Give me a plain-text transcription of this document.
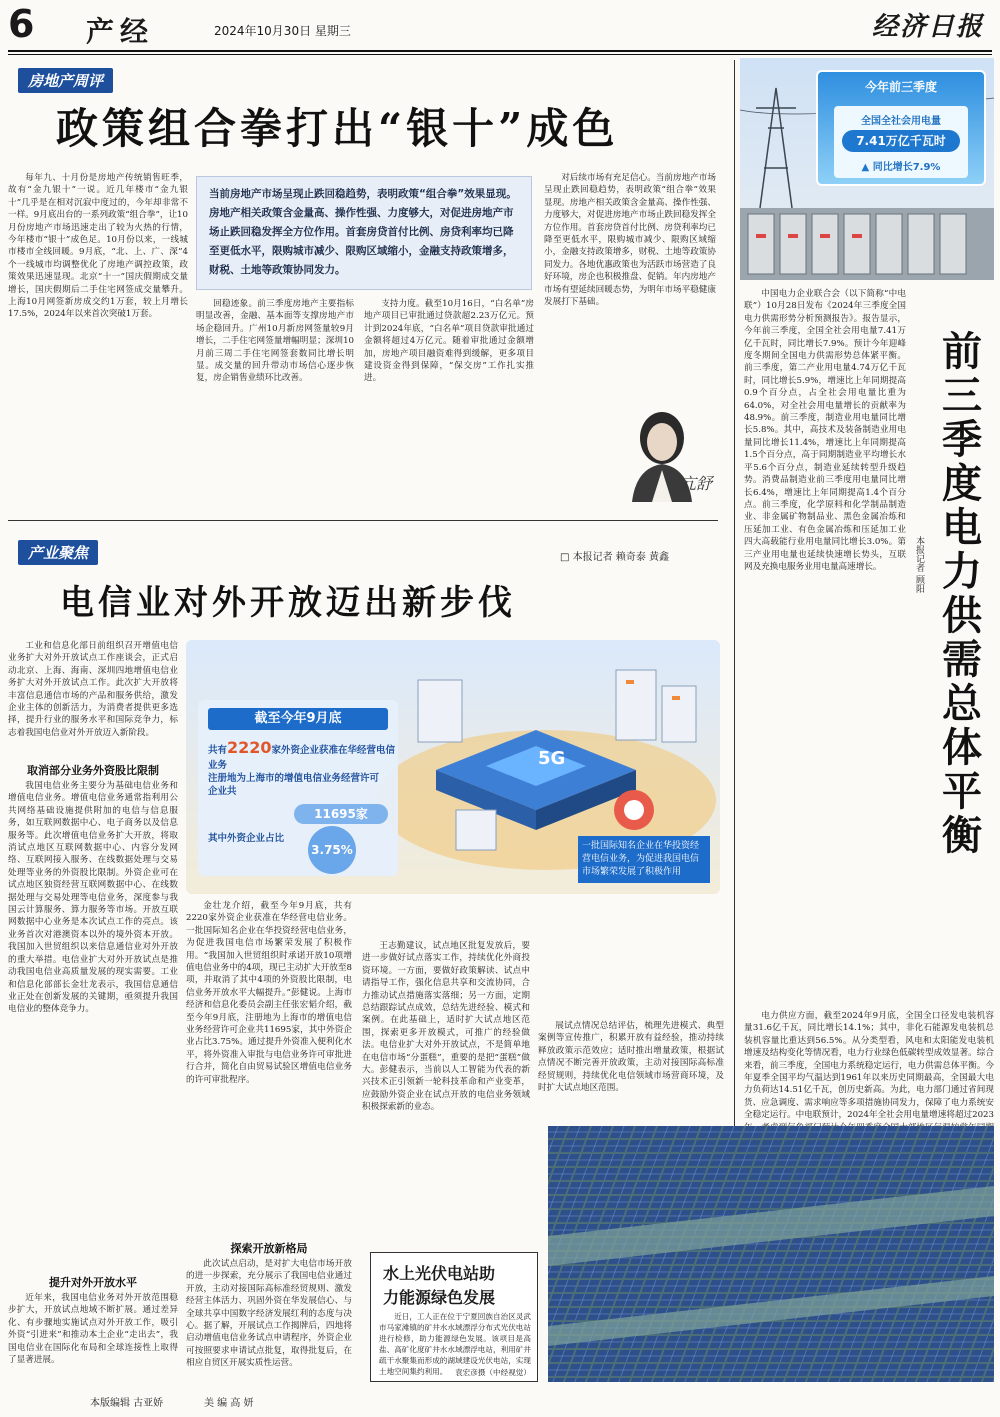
6 产经	2024年10月30日 星期三	经济日报
房地产周评
政策组合拳打出“银十”成色
当前房地产市场呈现止跌回稳趋势，表明政策“组合拳”效果显现。房地产相关政策含金量高、操作性强、力度够大，对促进房地产市场止跌回稳发挥全方位作用。首套房贷首付比例、房贷利率均已降至更低水平，限购城市减少、限购区域缩小，金融支持政策增多，财税、土地等政策协同发力。

每年九、十月份是房地产传统销售旺季，故有“金九银十”一说。近几年楼市“金九银十”几乎是在相对沉寂中度过的，今年却非常不一样。9月底出台的一系列政策“组合拳”，让10月份房地产市场迅速走出了较为火热的行情，今年楼市“银十”成色足。10月份以来，一线城市楼市全线回暖。9月底，“北、上、广、深”4个一线城市均调整优化了房地产调控政策，政策效果迅速显现。北京“十一”国庆假期成交量增长，国庆假期后二手住宅网签成交量攀升。上海10月网签新房成交约1万套，较上月增长17.5%，2024年以来首次突破1万套。

回稳迹象。前三季度房地产主要指标明显改善，金融、基本面等支撑房地产市场企稳回升。广州10月新房网签量较9月增长，二手住宅网签量增幅明显；深圳10月前三周二手住宅网签套数同比增长明显。成交量的回升带动市场信心逐步恢复，房企销售业绩环比改善。

支持力度。截至10月16日，“白名单”房地产项目已审批通过贷款超2.23万亿元。预计到2024年底，“白名单”项目贷款审批通过金额将超过4万亿元。随着审批通过金额增加，房地产项目融资难得到缓解，更多项目建设资金得到保障，“保交房”工作扎实推进。

对后续市场有充足信心。当前房地产市场呈现止跌回稳趋势，表明政策“组合拳”效果显现。房地产相关政策含金量高、操作性强、力度够大，对促进房地产市场止跌回稳发挥全方位作用。首套房贷首付比例、房贷利率均已降至更低水平，限购城市减少、限购区域缩小，金融支持政策增多，财税、土地等政策协同发力。各地优惠政策也为活跃市场营造了良好环境，房企也积极推盘、促销。年内房地产市场有望延续回暖态势，为明年市场平稳健康发展打下基础。

亢舒
今年前三季度
全国全社会用电量
7.41万亿千瓦时
▲ 同比增长7.9%

中国电力企业联合会（以下简称“中电联”）10月28日发布《2024年三季度全国电力供需形势分析预测报告》。报告显示，今年前三季度，全国全社会用电量7.41万亿千瓦时，同比增长7.9%。预计今年迎峰度冬期间全国电力供需形势总体紧平衡。前三季度，第二产业用电量4.74万亿千瓦时，同比增长5.9%，增速比上年同期提高0.9个百分点，占全社会用电量比重为64.0%，对全社会用电量增长的贡献率为48.9%。前三季度，制造业用电量同比增长5.8%。其中，高技术及装备制造业用电量同比增长11.4%，增速比上年同期提高1.5个百分点，高于同期制造业平均增长水平5.6个百分点，制造业延续转型升级趋势。消费品制造业前三季度用电量同比增长6.4%，增速比上年同期提高1.4个百分点。前三季度，化学原料和化学制品制造业、非金属矿物制品业、黑色金属冶炼和压延加工业、有色金属冶炼和压延加工业四大高载能行业用电量同比增长3.0%。第三产业用电量也延续快速增长势头，互联网及充换电服务业用电量高速增长。

前三季度电力供需总体平衡
本报记者 顾阳

电力供应方面，截至2024年9月底，全国全口径发电装机容量31.6亿千瓦，同比增长14.1%；其中，非化石能源发电装机总装机容量比重达到56.5%。从分类型看，风电和太阳能发电装机增速及结构变化等情况看，电力行业绿色低碳转型成效显著。综合来看，前三季度，全国电力系统稳定运行，电力供需总体平衡。今年夏季全国平均气温达到1961年以来历史同期最高，全国最大电力负荷达14.51亿千瓦，创历史新高。为此，电力部门通过省间现货、应急调度、需求响应等多项措施协同发力，保障了电力系统安全稳定运行。中电联预计，2024年全社会用电量增速将超过2023

产业聚焦	□ 本报记者 赖奇泰 黄鑫
电信业对外开放迈出新步伐
5G
截至今年9月底
共有2220家外资企业获准在华经营电信业务
注册地为上海市的增值电信业务经营许可企业共
11695家
其中外资企业占比
3.75%	一批国际知名企业在华投资经营电信业务，为促进我国电信市场繁荣发展了积极作用

工业和信息化部日前组织召开增值电信业务扩大对外开放试点工作座谈会，正式启动北京、上海、海南、深圳四地增值电信业务扩大对外开放试点工作。此次扩大开放将丰富信息通信市场的产品和服务供给，激发企业主体的创新活力，为消费者提供更多选择，提升行业的服务水平和国际竞争力，标志着我国电信业对外开放迈入新阶段。

取消部分业务外资股比限制

我国电信业务主要分为基础电信业务和增值电信业务。增值电信业务通常指利用公共网络基础设施提供附加的电信与信息服务，如互联网数据中心、电子商务以及信息服务等。此次增值电信业务扩大开放，将取消试点地区互联网数据中心、内容分发网络、互联网接入服务、在线数据处理与交易处理等业务的外资股比限制。外资企业可在试点地区独资经营互联网数据中心、在线数据处理与交易处理等电信业务，深度参与我国云计算服务、算力服务等市场。开放互联网数据中心业务是本次试点工作的亮点。该业务首次对港澳资本以外的境外资本开放。我国加入世贸组织以来信息通信业对外开放的重大举措。电信业扩大对外开放试点是推动我国电信业高质量发展的现实需要。工业和信息化部部长金壮龙表示，我国信息通信业正处在创新发展的关键期，亟须提升我国电信业的整体竞争力。

提升对外开放水平

近年来，我国电信业务对外开放范围稳步扩大，开放试点地域不断扩展。通过差异化、有步骤地实施试点对外开放工作，吸引外资“引进来”和推动本土企业“走出去”，我国电信业在国际化布局和全球连接性上取得了显著进展。

金壮龙介绍，截至今年9月底，共有2220家外资企业获准在华经营电信业务。一批国际知名企业在华投资经营电信业务，为促进我国电信市场繁荣发展了积极作用。“我国加入世贸组织时承诺开放10项增值电信业务中的4项，现已主动扩大开放至8项，并取消了其中4项的外资股比限制，电信业务开放水平大幅提升。”彭健说。上海市经济和信息化委员会副主任张宏韬介绍，截至今年9月底，注册地为上海市的增值电信业务经营许可企业共11695家，其中外资企业占比3.75%。通过提升外资准入便利化水平，将外资准入审批与电信业务许可审批进行合并，简化自由贸易试验区增值电信业务的许可审批程序。

探索开放新格局

此次试点启动，是对扩大电信市场开放的进一步探索，充分展示了我国电信业通过开放，主动对接国际高标准经贸规则、激发经营主体活力、巩固外资在华发展信心、与全球共享中国数字经济发展红利的态度与决心。据了解，开展试点工作揭牌后，四地将启动增值电信业务试点申请程序，外资企业可按照要求申请试点批复，取得批复后，在相应自贸区开展实质性运营。

王志勤建议，试点地区批复发放后，要进一步做好试点落实工作，持续优化外商投资环境。一方面，要做好政策解读、试点申请指导工作，强化信息共享和交流协同，合力推动试点措施落实落细；另一方面，定期总结跟踪试点成效，总结先进经验、模式和案例。在此基础上，适时扩大试点地区范围，探索更多开放模式，可推广的经验做法。电信业扩大对外开放试点，不是简单地在电信市场“分蛋糕”，重要的是把“蛋糕”做大。彭健表示，当前以人工智能为代表的新兴技术正引领新一轮科技革命和产业变革，应鼓励外资企业在试点开放的电信业务领域积极探索新的业态。

展试点情况总结评估，梳理先进模式、典型案例等宣传推广，积累开放有益经验，推动持续释放政策示范效应；适时推出增量政策，根据试点情况不断完善开放政策，主动对接国际高标准经贸规则，持续优化电信领域市场营商环境，及时扩大试点地区范围。

水上光伏电站助
力能源绿色发展

近日，工人正在位于宁夏回族自治区灵武市马家滩镇的矿井水水域漂浮分布式光伏电站进行检修，助力能源绿色发展。该项目是高盐、高矿化度矿井水水域漂浮电站，利用矿井疏干水聚集而形成的湖域建设光伏电站，实现土地空间集约利用。	袁宏彦摄（中经视觉）
本版编辑 古亚娇	美 编 高 妍
